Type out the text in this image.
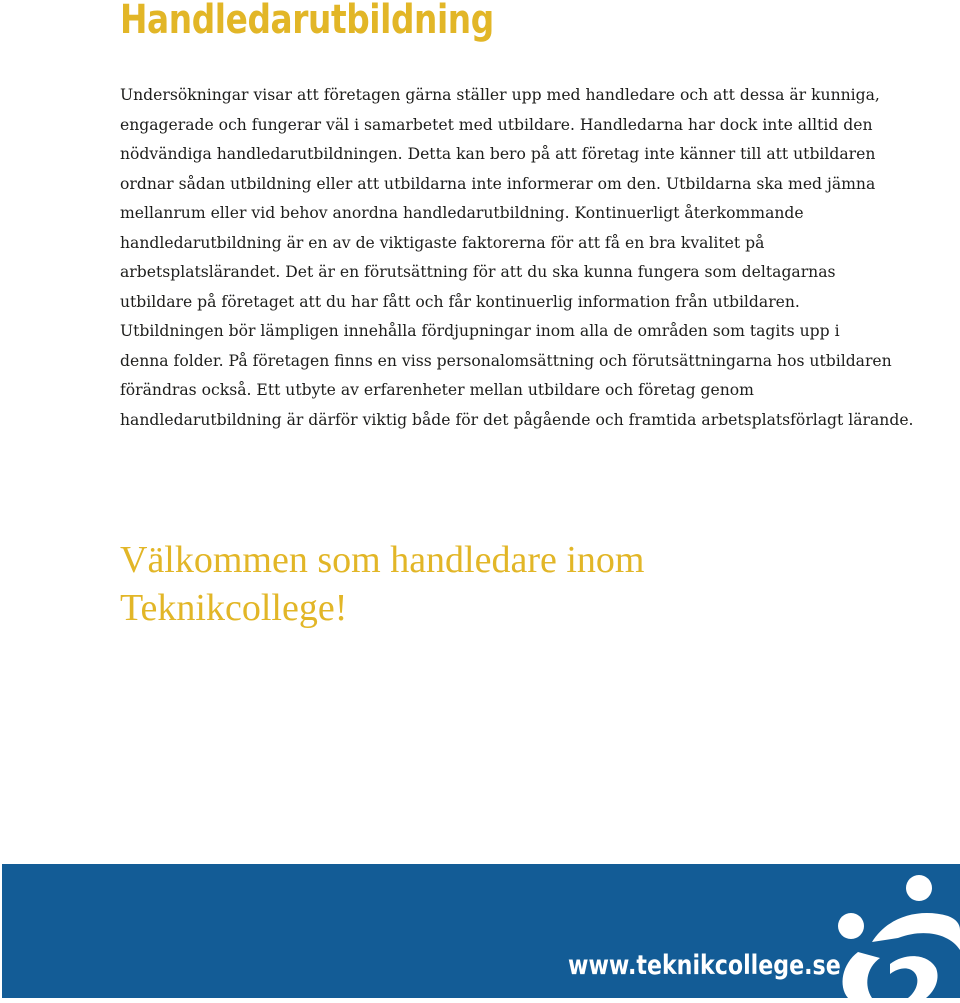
Handledarutbildning

Undersökningar visar att företagen gärna ställer upp med handledare och att dessa är kunniga,
engagerade och fungerar väl i samarbetet med utbildare. Handledarna har dock inte alltid den
nödvändiga handledarutbildningen. Detta kan bero på att företag inte känner till att utbildaren
ordnar sådan utbildning eller att utbildarna inte informerar om den. Utbildarna ska med jämna
mellanrum eller vid behov anordna handledarutbildning. Kontinuerligt återkommande
handledarutbildning är en av de viktigaste faktorerna för att få en bra kvalitet på
arbetsplatslärandet. Det är en förutsättning för att du ska kunna fungera som deltagarnas
utbildare på företaget att du har fått och får kontinuerlig information från utbildaren.
Utbildningen bör lämpligen innehålla fördjupningar inom alla de områden som tagits upp i
denna folder. På företagen finns en viss personalomsättning och förutsättningarna hos utbildaren
förändras också. Ett utbyte av erfarenheter mellan utbildare och företag genom
handledarutbildning är därför viktig både för det pågående och framtida arbetsplatsförlagt lärande.

Välkommen som handledare inom
Teknikcollege!
www.teknikcollege.se
